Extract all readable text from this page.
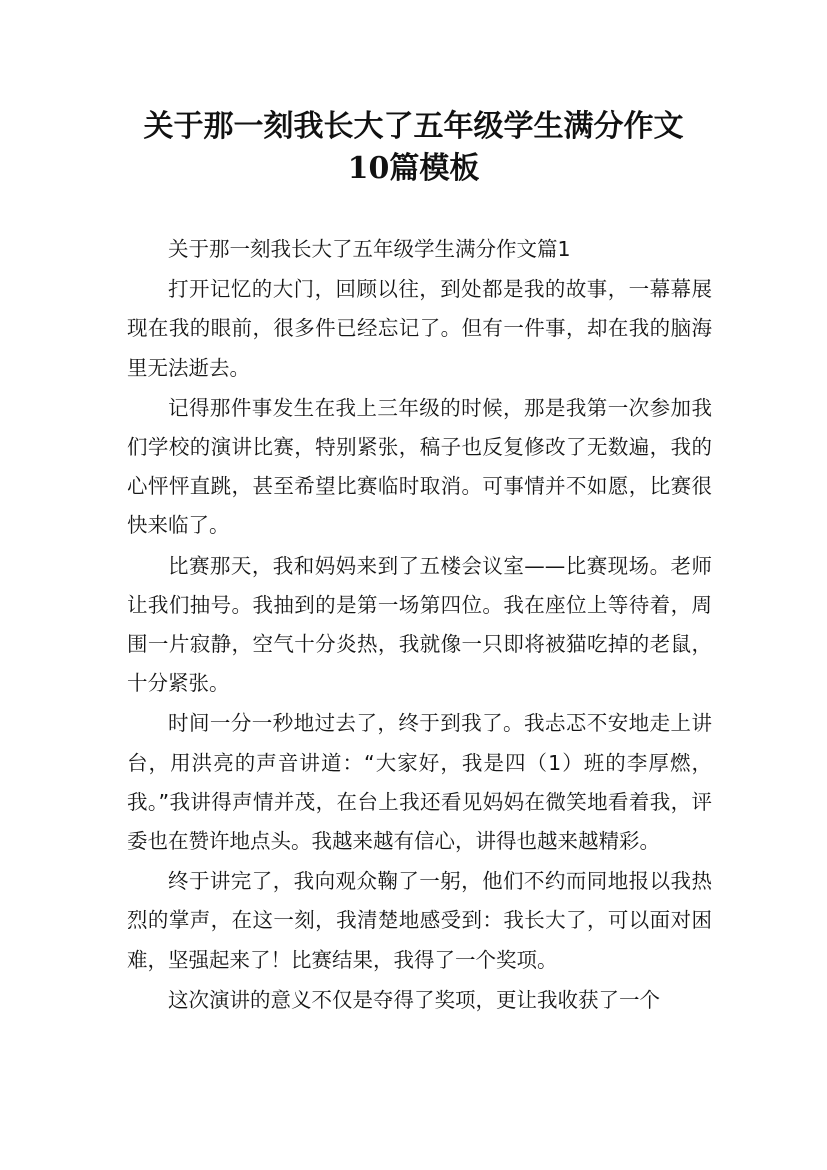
关于那一刻我长大了五年级学生满分作文
10篇模板

关于那一刻我长大了五年级学生满分作文篇1

打开记忆的大门，回顾以往，到处都是我的故事，一幕幕展现在我的眼前，很多件已经忘记了。但有一件事，却在我的脑海里无法逝去。

记得那件事发生在我上三年级的时候，那是我第一次参加我们学校的演讲比赛，特别紧张，稿子也反复修改了无数遍，我的心怦怦直跳，甚至希望比赛临时取消。可事情并不如愿，比赛很快来临了。

比赛那天，我和妈妈来到了五楼会议室——比赛现场。老师让我们抽号。我抽到的是第一场第四位。我在座位上等待着，周围一片寂静，空气十分炎热，我就像一只即将被猫吃掉的老鼠，十分紧张。

时间一分一秒地过去了，终于到我了。我忐忑不安地走上讲台，用洪亮的声音讲道：“大家好，我是四（1）班的李厚燃，我。”我讲得声情并茂，在台上我还看见妈妈在微笑地看着我，评委也在赞许地点头。我越来越有信心，讲得也越来越精彩。

终于讲完了，我向观众鞠了一躬，他们不约而同地报以我热烈的掌声，在这一刻，我清楚地感受到：我长大了，可以面对困难，坚强起来了！比赛结果，我得了一个奖项。

这次演讲的意义不仅是夺得了奖项，更让我收获了一个
